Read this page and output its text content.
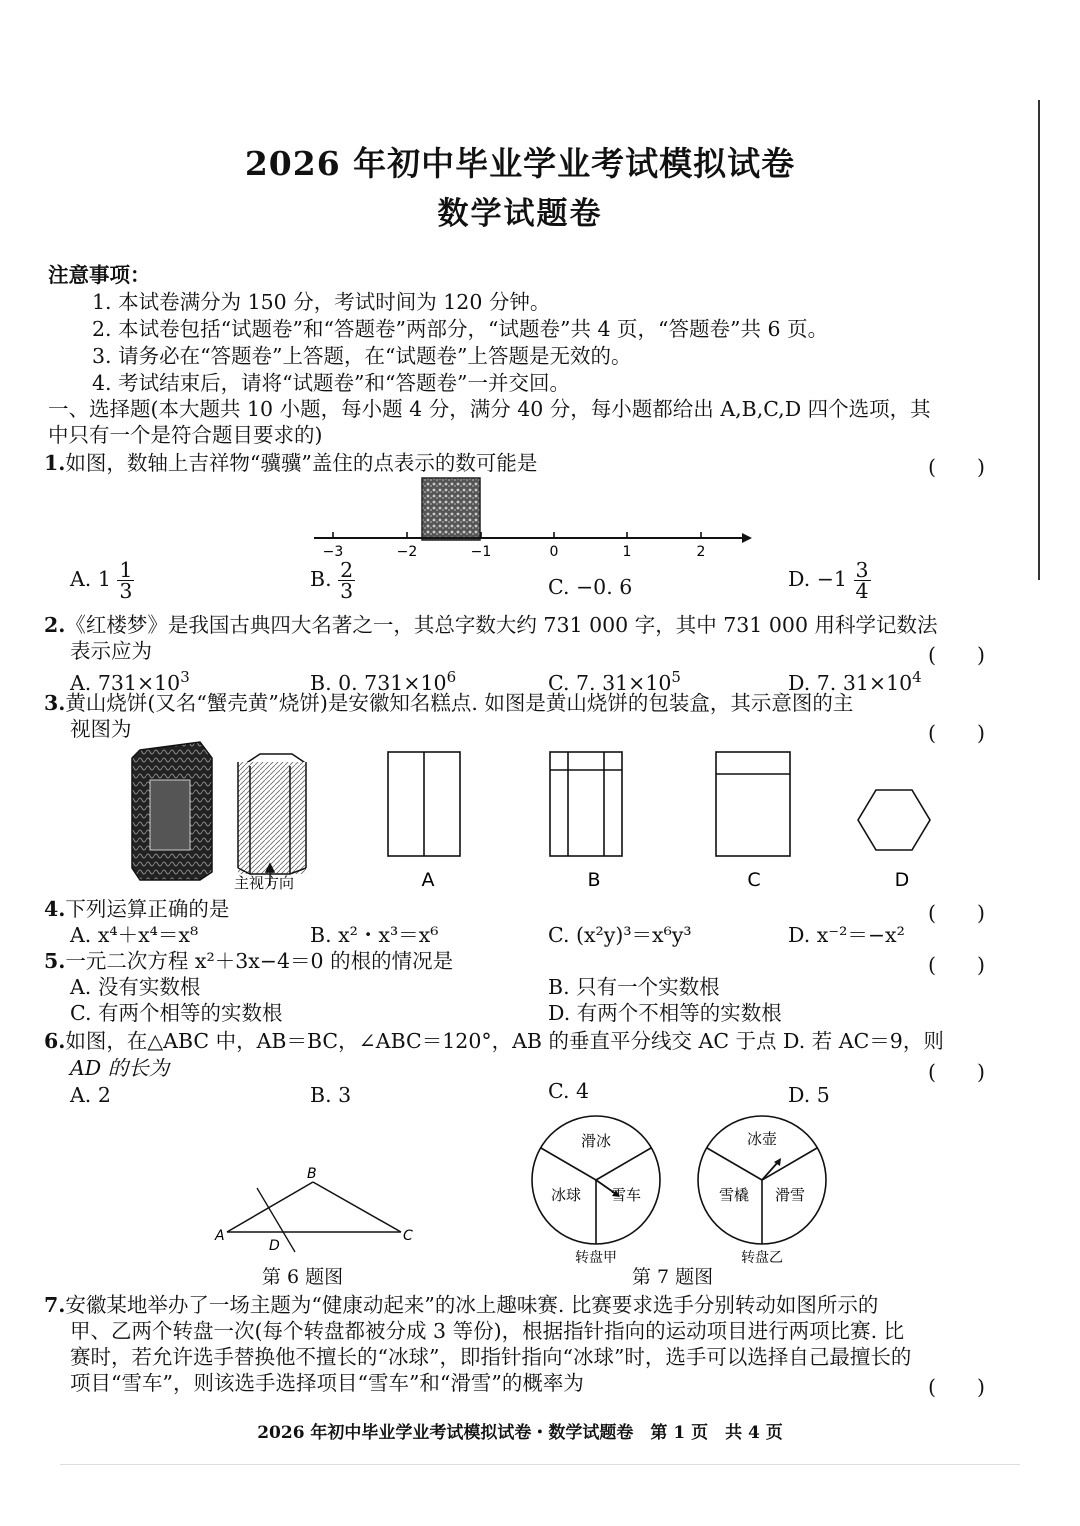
2026 年初中毕业学业考试模拟试卷
数学试题卷
注意事项：
1. 本试卷满分为 150 分，考试时间为 120 分钟。
2. 本试卷包括“试题卷”和“答题卷”两部分，“试题卷”共 4 页，“答题卷”共 6 页。
3. 请务必在“答题卷”上答题，在“试题卷”上答题是无效的。
4. 考试结束后，请将“试题卷”和“答题卷”一并交回。
一、选择题(本大题共 10 小题，每小题 4 分，满分 40 分，每小题都给出 A,B,C,D 四个选项，其
中只有一个是符合题目要求的)
1.如图，数轴上吉祥物“骥骥”盖住的点表示的数可能是	(　　)
−3	−2	−1	0	1	2
A. $1 \frac{1}{3}$	B. $\frac{2}{3}$	C. −0. 6	D. $-1 \frac{3}{4}$
2.《红楼梦》是我国古典四大名著之一，其总字数大约 731 000 字，其中 731 000 用科学记数法
表示应为	(　　)
A. $731\times 10^3$	B. 0. $731\times 10^6$	C. 7. $31\times 10^5$	D. 7. $31\times 10^4$
3.黄山烧饼(又名“蟹壳黄”烧饼)是安徽知名糕点. 如图是黄山烧饼的包装盒，其示意图的主
视图为	(　　)
主视方向	A	B	C	D
4.下列运算正确的是	(　　)
A. x⁴＋x⁴＝x⁸	B. x²・x³＝x⁶	C. (x²y)³＝x⁶y³	D. x⁻²＝−x²
5.一元二次方程 x²＋3x−4＝0 的根的情况是	(　　)
A. 没有实数根	B. 只有一个实数根
C. 有两个相等的实数根	D. 有两个不相等的实数根
6.如图，在△ABC 中，AB＝BC，∠ABC＝120°，AB 的垂直平分线交 AC 于点 D. 若 AC＝9，则
AD 的长为	(　　)
A. 2	B. 3	C. 4	D. 5
A
B
C
D
第 6 题图
滑冰
冰球 雪车
转盘甲
冰壶
雪橇 滑雪
转盘乙
第 7 题图
7.安徽某地举办了一场主题为“健康动起来”的冰上趣味赛. 比赛要求选手分别转动如图所示的
甲、乙两个转盘一次(每个转盘都被分成 3 等份)，根据指针指向的运动项目进行两项比赛. 比
赛时，若允许选手替换他不擅长的“冰球”，即指针指向“冰球”时，选手可以选择自己最擅长的
项目“雪车”，则该选手选择项目“雪车”和“滑雪”的概率为	(　　)
2026 年初中毕业学业考试模拟试卷・数学试题卷　第 1 页　共 4 页
